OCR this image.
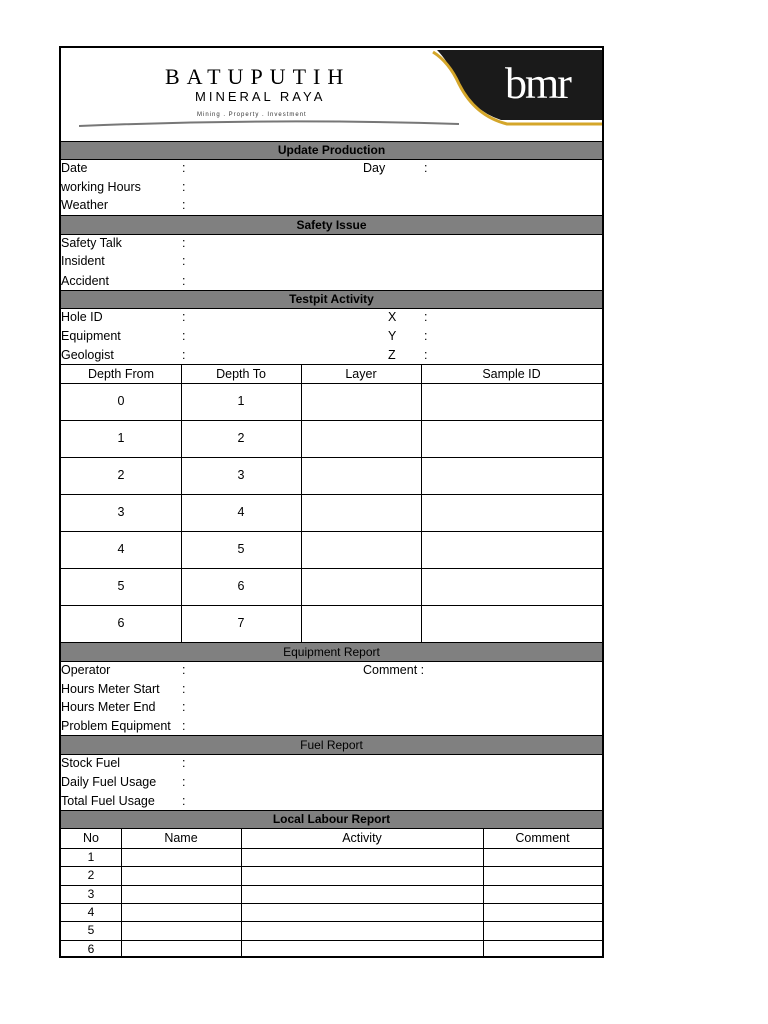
BATUPUTIH
MINERAL RAYA
Mining . Property . Investment
bmr
Update Production
Date	:	Day	:
working Hours	:
Weather	:
Safety Issue
Safety Talk	:
Insident	:
Accident	:
Testpit Activity
Hole ID	:	X :
Equipment	:	Y :
Geologist	:	Z :
Depth From	Depth To	Layer	Sample ID
0	1
1	2
2	3
3	4
4	5
5	6
6	7
Equipment Report
Operator	:	Comment :
Hours Meter Start :
Hours Meter End :
Problem Equipment :
Fuel Report
Stock Fuel	:
Daily Fuel Usage :
Total Fuel Usage :
Local Labour Report
No	Name	Activity	Comment
1
2
3
4
5
6
